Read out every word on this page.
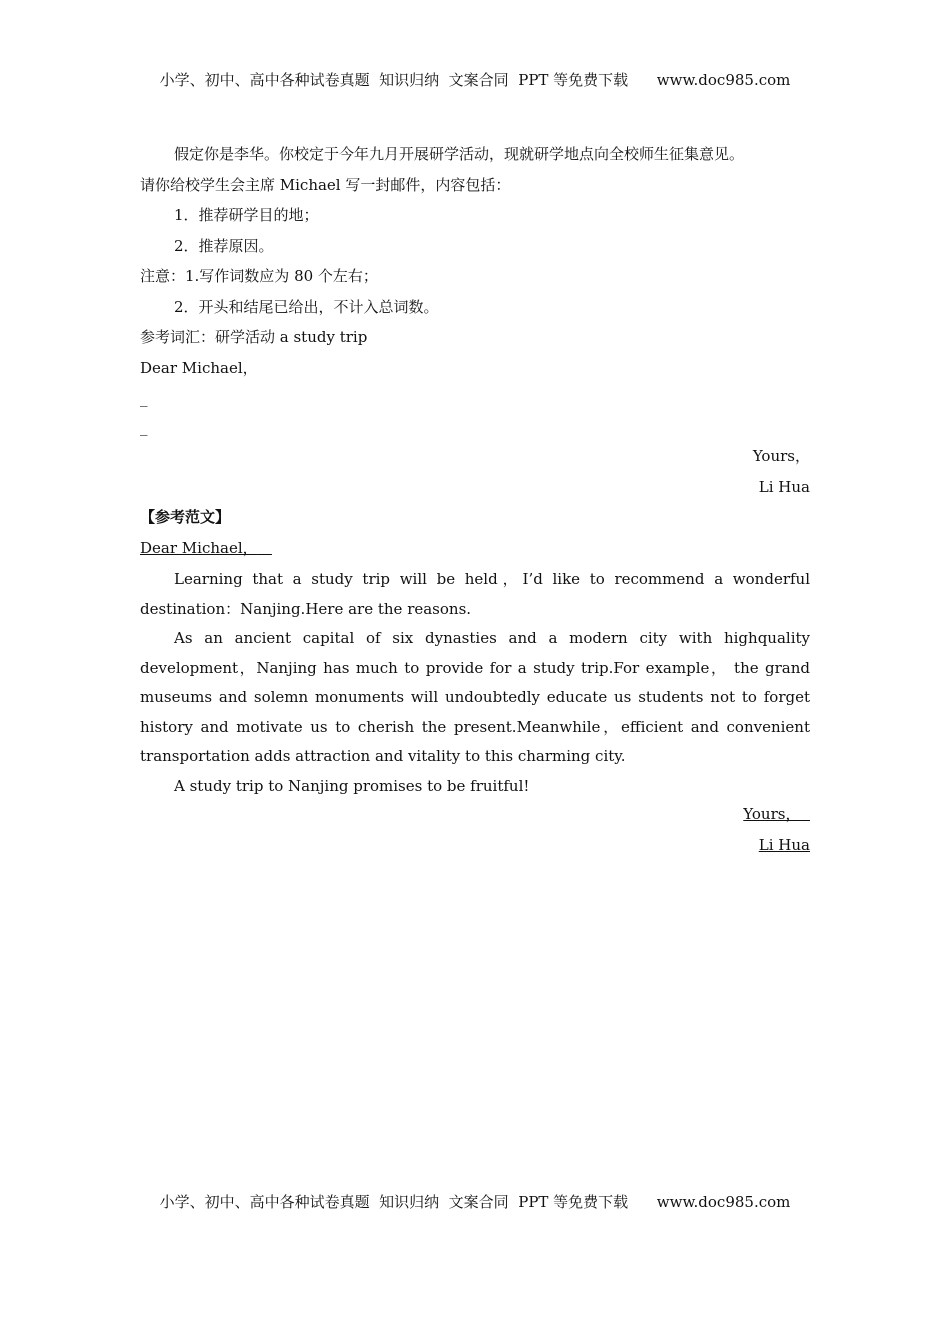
小学、初中、高中各种试卷真题  知识归纳  文案合同  PPT 等免费下载      www.doc985.com
假定你是李华。你校定于今年九月开展研学活动，现就研学地点向全校师生征集意见。
请你给校学生会主席 Michael 写一封邮件，内容包括：
1．推荐研学目的地；
2．推荐原因。
注意：1.写作词数应为 80 个左右；
2．开头和结尾已给出，不计入总词数。
参考词汇：研学活动 a study trip
Dear Michael，
_
_
Yours，
Li Hua
【参考范文】
Dear Michael，
Learning that a study trip will be held，I’d like to recommend a wonderful destination：Nanjing.Here are the reasons.
As an ancient capital of six dynasties and a modern city with highquality development，Nanjing has much to provide for a study trip.For example， the grand museums and solemn monuments will undoubtedly educate us students not to forget history and motivate us to cherish the present.Meanwhile，efficient and convenient transportation adds attraction and vitality to this charming city.
A study trip to Nanjing promises to be fruitful!
Yours，
Li Hua
小学、初中、高中各种试卷真题  知识归纳  文案合同  PPT 等免费下载      www.doc985.com
